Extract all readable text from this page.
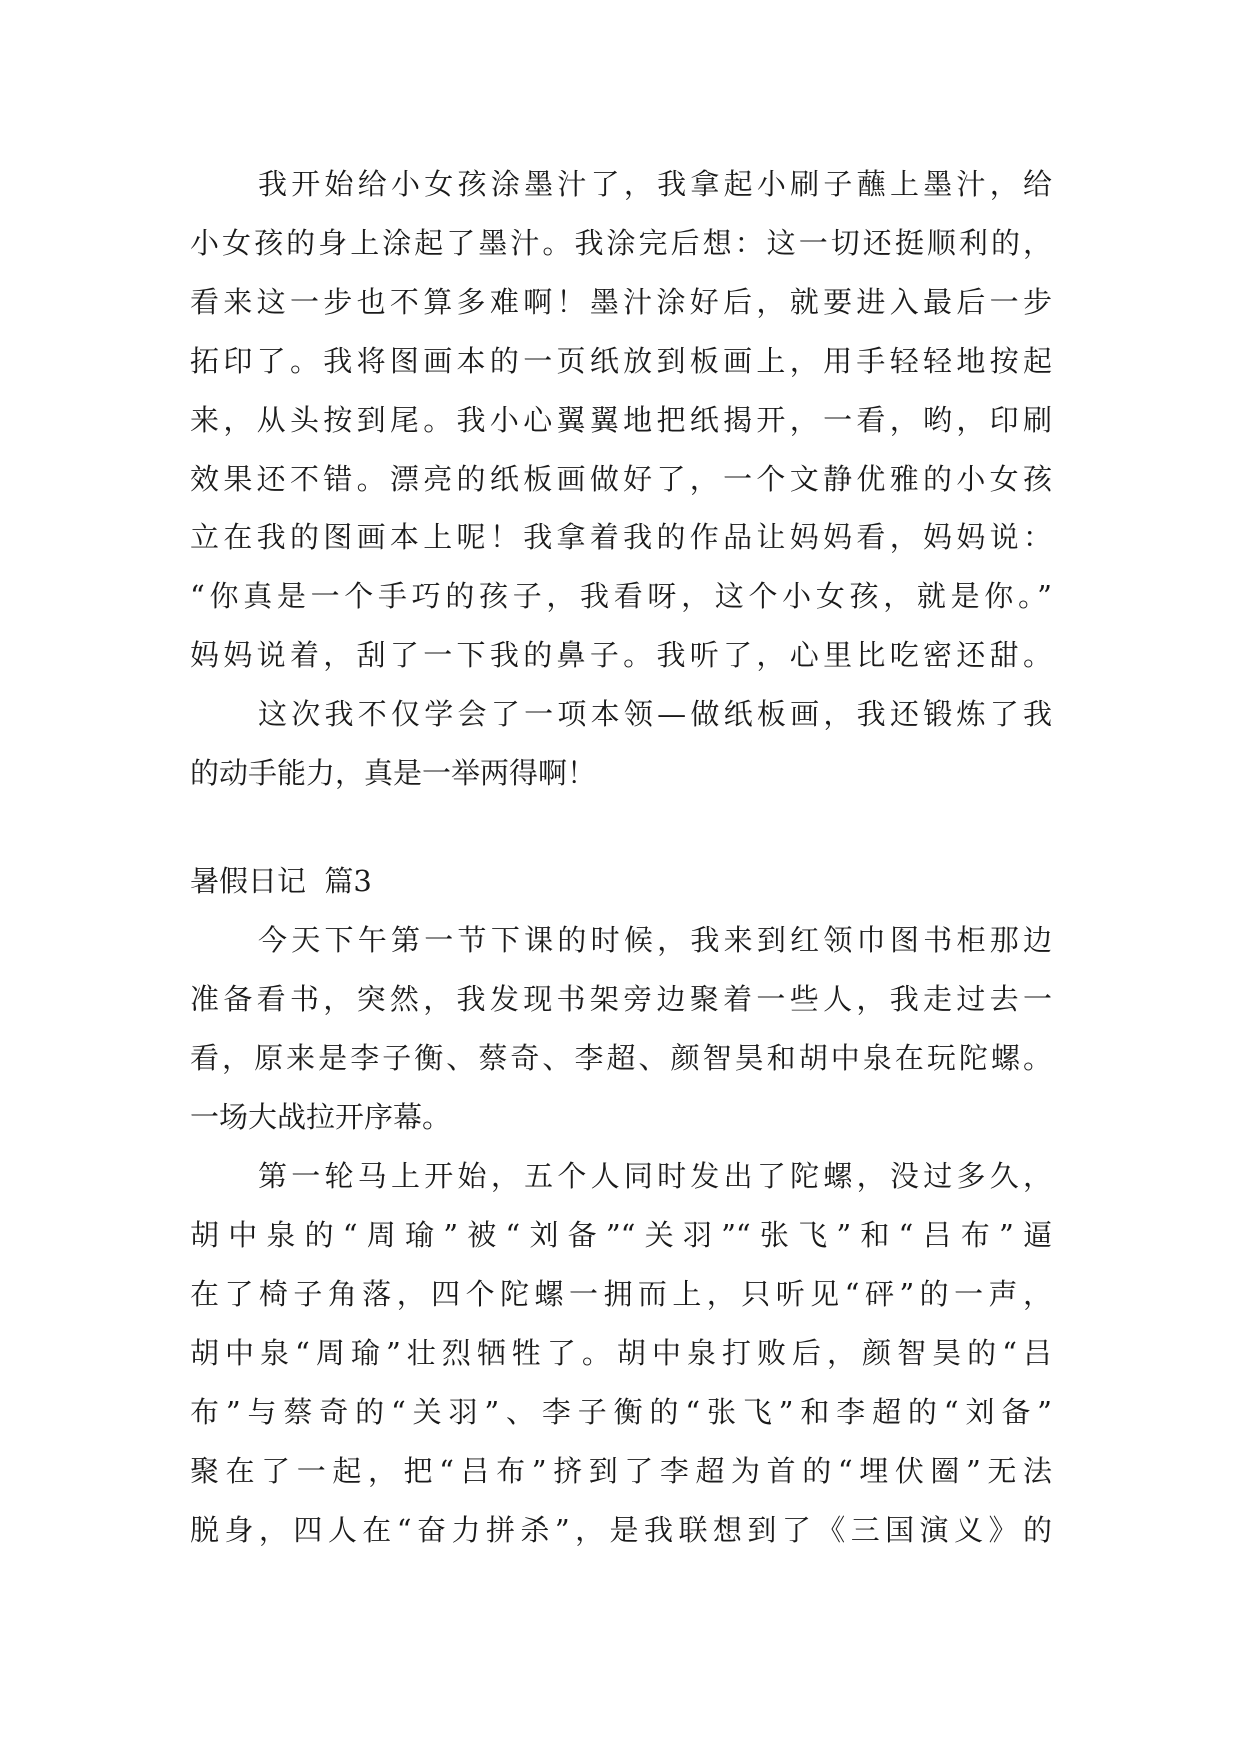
我开始给小女孩涂墨汁了，我拿起小刷子蘸上墨汁，给
小女孩的身上涂起了墨汁。我涂完后想：这一切还挺顺利的，
看来这一步也不算多难啊！墨汁涂好后，就要进入最后一步
拓印了。我将图画本的一页纸放到板画上，用手轻轻地按起
来，从头按到尾。我小心翼翼地把纸揭开，一看，哟，印刷
效果还不错。漂亮的纸板画做好了，一个文静优雅的小女孩
立在我的图画本上呢！我拿着我的作品让妈妈看，妈妈说：
“你真是一个手巧的孩子，我看呀，这个小女孩，就是你。”
妈妈说着，刮了一下我的鼻子。我听了，心里比吃密还甜。
这次我不仅学会了一项本领—做纸板画，我还锻炼了我
的动手能力，真是一举两得啊！
暑假日记  篇3
今天下午第一节下课的时候，我来到红领巾图书柜那边
准备看书，突然，我发现书架旁边聚着一些人，我走过去一
看，原来是李子衡、蔡奇、李超、颜智昊和胡中泉在玩陀螺。
一场大战拉开序幕。
第一轮马上开始，五个人同时发出了陀螺，没过多久，
胡中泉的“周瑜”被“刘备”“关羽”“张飞”和“吕布”逼
在了椅子角落，四个陀螺一拥而上，只听见“砰”的一声，
胡中泉“周瑜”壮烈牺牲了。胡中泉打败后，颜智昊的“吕
布”与蔡奇的“关羽”、李子衡的“张飞”和李超的“刘备”
聚在了一起，把“吕布”挤到了李超为首的“埋伏圈”无法
脱身，四人在“奋力拼杀”，是我联想到了《三国演义》的
